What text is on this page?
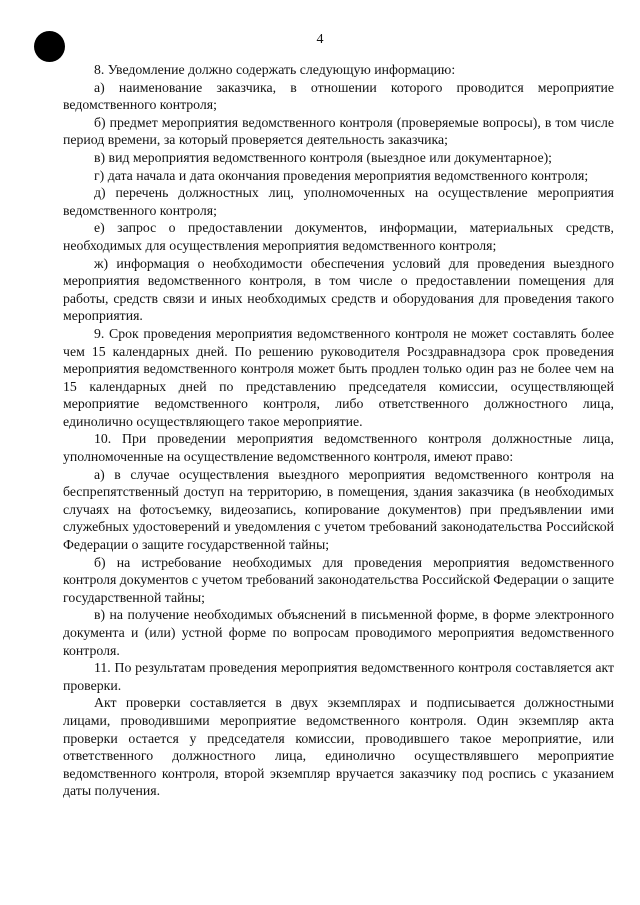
4

8. Уведомление должно содержать следующую информацию:

а) наименование заказчика, в отношении которого проводится мероприятие ведомственного контроля;

б) предмет мероприятия ведомственного контроля (проверяемые вопросы), в том числе период времени, за который проверяется деятельность заказчика;

в) вид мероприятия ведомственного контроля (выездное или документарное);

г) дата начала и дата окончания проведения мероприятия ведомственного контроля;

д) перечень должностных лиц, уполномоченных на осуществление мероприятия ведомственного контроля;

е) запрос о предоставлении документов, информации, материальных средств, необходимых для осуществления мероприятия ведомственного контроля;

ж) информация о необходимости обеспечения условий для проведения выездного мероприятия ведомственного контроля, в том числе о предоставлении помещения для работы, средств связи и иных необходимых средств и оборудования для проведения такого мероприятия.

9. Срок проведения мероприятия ведомственного контроля не может составлять более чем 15 календарных дней. По решению руководителя Росздравнадзора срок проведения мероприятия ведомственного контроля может быть продлен только один раз не более чем на 15 календарных дней по представлению председателя комиссии, осуществляющей мероприятие ведомственного контроля, либо ответственного должностного лица, единолично осуществляющего такое мероприятие.

10. При проведении мероприятия ведомственного контроля должностные лица, уполномоченные на осуществление ведомственного контроля, имеют право:

а) в случае осуществления выездного мероприятия ведомственного контроля на беспрепятственный доступ на территорию, в помещения, здания заказчика (в необходимых случаях на фотосъемку, видеозапись, копирование документов) при предъявлении ими служебных удостоверений и уведомления с учетом требований законодательства Российской Федерации о защите государственной тайны;

б) на истребование необходимых для проведения мероприятия ведомственного контроля документов с учетом требований законодательства Российской Федерации о защите государственной тайны;

в) на получение необходимых объяснений в письменной форме, в форме электронного документа и (или) устной форме по вопросам проводимого мероприятия ведомственного контроля.

11. По результатам проведения мероприятия ведомственного контроля составляется акт проверки.

Акт проверки составляется в двух экземплярах и подписывается должностными лицами, проводившими мероприятие ведомственного контроля. Один экземпляр акта проверки остается у председателя комиссии, проводившего такое мероприятие, или ответственного должностного лица, единолично осуществлявшего мероприятие ведомственного контроля, второй экземпляр вручается заказчику под роспись с указанием даты получения.
